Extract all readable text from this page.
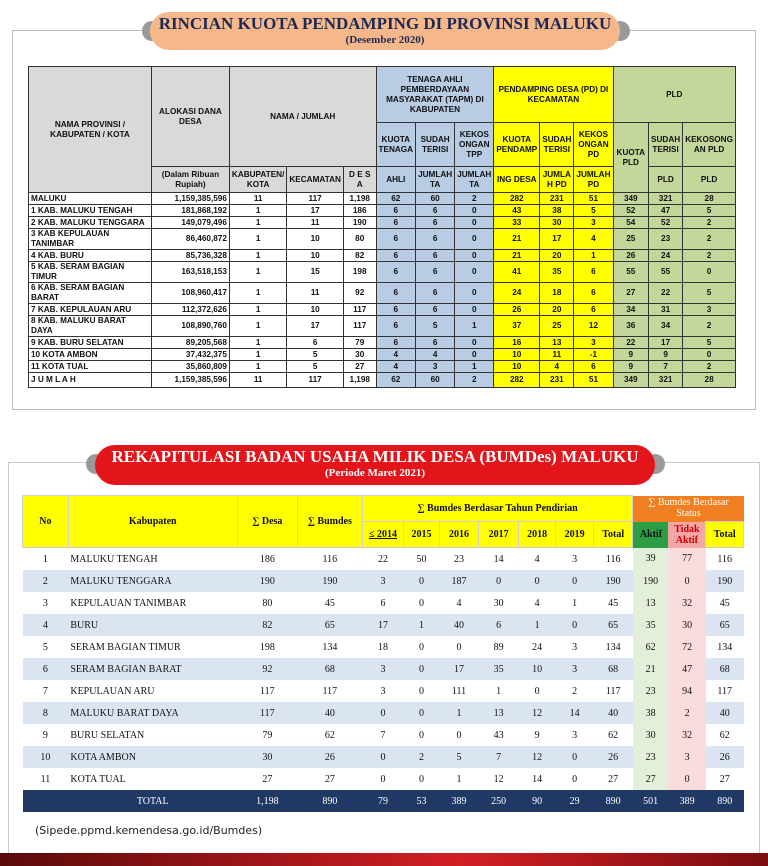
RINCIAN KUOTA PENDAMPING DI PROVINSI MALUKU
(Desember 2020)
REKAPITULASI BADAN USAHA MILIK DESA (BUMDes) MALUKU
(Periode Maret 2021)
NAMA PROVINSI / KABUPATEN / KOTA	ALOKASI DANA DESA	NAMA / JUMLAH			TENAGA AHLI PEMBERDAYAAN MASYARAKAT (TAPM) DI KABUPATEN			PENDAMPING DESA (PD) DI KECAMATAN			PLD		
					KUOTA TENAGA	SUDAH TERISI	KEKOS ONGAN TPP	KUOTA PENDAMP	SUDAH TERISI	KEKOS ONGAN PD	KUOTA PLD	SUDAH TERISI	KEKOSONG AN PLD
	(Dalam Ribuan Rupiah)	KABUPATEN/ KOTA	KECAMATAN	D E S A	AHLI	JUMLAH TA	JUMLAH TA	ING DESA	JUMLA H PD	JUMLAH PD		PLD	PLD
MALUKU	1,159,385,596	11	117	1,198	62	60	2	282	231	51	349	321	28
1 KAB. MALUKU TENGAH	181,868,192	1	17	186	6	6	0	43	38	5	52	47	5
2 KAB. MALUKU TENGGARA	149,079,496	1	11	190	6	6	0	33	30	3	54	52	2
3 KAB KEPULAUAN TANIMBAR	86,460,872	1	10	80	6	6	0	21	17	4	25	23	2
4 KAB. BURU	85,736,328	1	10	82	6	6	0	21	20	1	26	24	2
5 KAB. SERAM BAGIAN TIMUR	163,518,153	1	15	198	6	6	0	41	35	6	55	55	0
6 KAB. SERAM BAGIAN BARAT	108,960,417	1	11	92	6	6	0	24	18	6	27	22	5
7 KAB. KEPULAUAN ARU	112,372,626	1	10	117	6	6	0	26	20	6	34	31	3
8 KAB. MALUKU BARAT DAYA	108,890,760	1	17	117	6	5	1	37	25	12	36	34	2
9 KAB. BURU SELATAN	89,205,568	1	6	79	6	6	0	16	13	3	22	17	5
10 KOTA AMBON	37,432,375	1	5	30	4	4	0	10	11	-1	9	9	0
11 KOTA TUAL	35,860,809	1	5	27	4	3	1	10	4	6	9	7	2
J U M L A H	1,159,385,596	11	117	1,198	62	60	2	282	231	51	349	321	28
No	Kabupaten	∑ Desa	∑ Bumdes	∑ Bumdes Berdasar Tahun Pendirian							∑ Bumdes Berdasar Status		
				≤ 2014	2015	2016	2017	2018	2019	Total	Aktif	Tidak Aktif	Total
1	MALUKU TENGAH	186	116	22	50	23	14	4	3	116	39	77	116
2	MALUKU TENGGARA	190	190	3	0	187	0	0	0	190	190	0	190
3	KEPULAUAN TANIMBAR	80	45	6	0	4	30	4	1	45	13	32	45
4	BURU	82	65	17	1	40	6	1	0	65	35	30	65
5	SERAM BAGIAN TIMUR	198	134	18	0	0	89	24	3	134	62	72	134
6	SERAM BAGIAN BARAT	92	68	3	0	17	35	10	3	68	21	47	68
7	KEPULAUAN ARU	117	117	3	0	111	1	0	2	117	23	94	117
8	MALUKU BARAT DAYA	117	40	0	0	1	13	12	14	40	38	2	40
9	BURU SELATAN	79	62	7	0	0	43	9	3	62	30	32	62
10	KOTA AMBON	30	26	0	2	5	7	12	0	26	23	3	26
11	KOTA TUAL	27	27	0	0	1	12	14	0	27	27	0	27
	TOTAL	1,198	890	79	53	389	250	90	29	890	501	389	890
(Sipede.ppmd.kemendesa.go.id/Bumdes)
